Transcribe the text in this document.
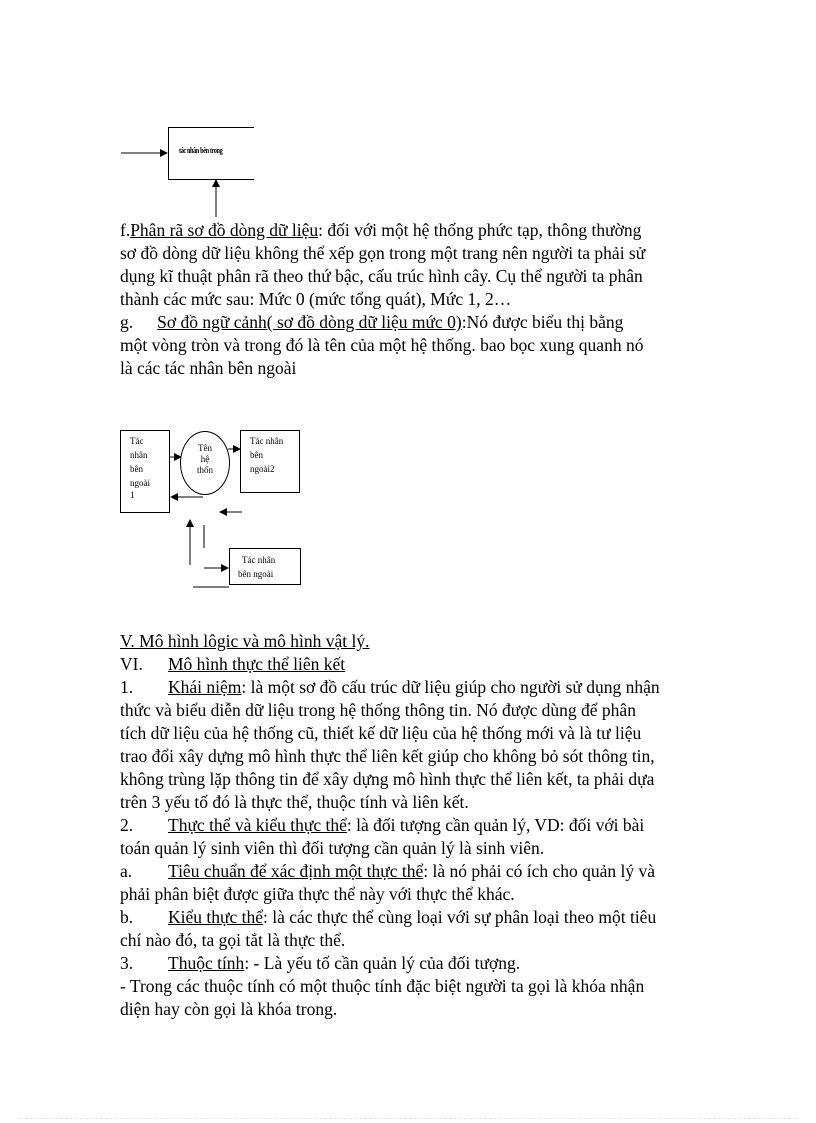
tác nhân bên trong
f.Phân rã sơ đồ dòng dữ liệu: đối với một hệ thống phức tạp, thông thường
sơ đồ dòng dữ liệu không thể xếp gọn trong một trang nên người ta phải sử
dụng kĩ thuật phân rã theo thứ bậc, cấu trúc hình cây. Cụ thể người ta phân
thành các mức sau: Mức 0 (mức tổng quát), Mức 1, 2…
g. Sơ đồ ngữ cảnh( sơ đồ dòng dữ liệu mức 0):Nó được biểu thị bằng
một vòng tròn và trong đó là tên của một hệ thống. bao bọc xung quanh nó
là các tác nhân bên ngoài
Tác
nhân
bên
ngoài
1
Tên
hệ
thốn
Tác nhân
bên
ngoài2
Tác nhân
bên ngoài
V. Mô hình lôgic và mô hình vật lý.
VI. Mô hình thực thể liên kết
1. Khái niệm: là một sơ đồ cấu trúc dữ liệu giúp cho người sử dụng nhận
thức và biểu diễn dữ liệu trong hệ thống thông tin. Nó được dùng để phân
tích dữ liệu của hệ thống cũ, thiết kế dữ liệu của hệ thống mới và là tư liệu
trao đổi xây dựng mô hình thực thể liên kết giúp cho không bỏ sót thông tin,
không trùng lặp thông tin để xây dựng mô hình thực thể liên kết, ta phải dựa
trên 3 yếu tố đó là thực thể, thuộc tính và liên kết.
2. Thực thể và kiểu thực thể: là đối tượng cần quản lý, VD: đối với bài
toán quản lý sinh viên thì đối tượng cần quản lý là sinh viên.
a. Tiêu chuẩn để xác định một thực thể: là nó phải có ích cho quản lý và
phải phân biệt được giữa thực thể này với thực thể khác.
b. Kiểu thực thể: là các thực thể cùng loại với sự phân loại theo một tiêu
chí nào đó, ta gọi tắt là thực thể.
3. Thuộc tính: - Là yếu tố cần quản lý của đối tượng.
- Trong các thuộc tính có một thuộc tính đặc biệt người ta gọi là khóa nhận
diện hay còn gọi là khóa trong.
